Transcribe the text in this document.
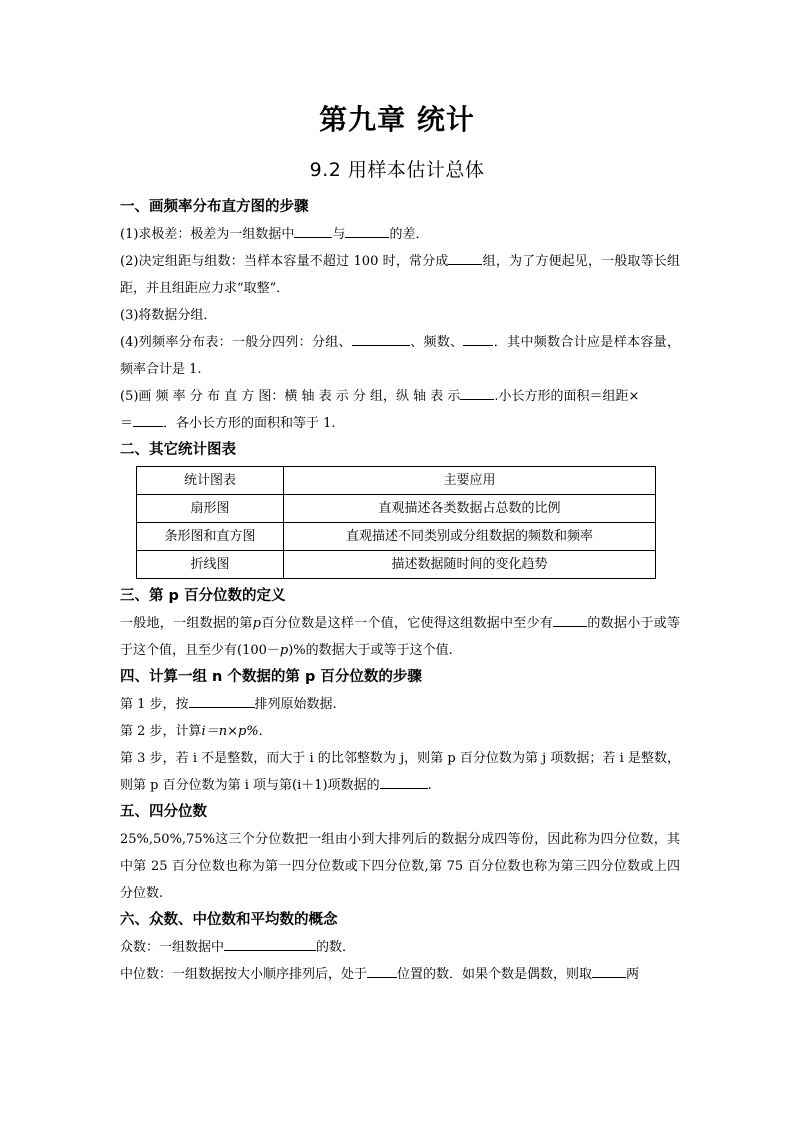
第九章 统计
9.2 用样本估计总体

一、画频率分布直方图的步骤

(1)求极差：极差为一组数据中	与	的差．

(2)决定组距与组数：当样本容量不超过 100 时，常分成	组，为了方便起见，一般取等长组距，并且组距应力求“取整”．

(3)将数据分组．

(4)列频率分布表：一般分四列：分组、	、频数、 ．其中频数合计应是样本容量，频率合计是 1.

(5)画 频 率 分 布 直 方 图：横 轴 表 示 分 组，纵 轴 表 示	.小长方形的面积＝组距×
＝ ．各小长方形的面积和等于 1.

二、其它统计图表

统计图表	主要应用
扇形图	直观描述各类数据占总数的比例
条形图和直方图	直观描述不同类别或分组数据的频数和频率
折线图	描述数据随时间的变化趋势

三、第 p 百分位数的定义

一般地，一组数据的第p百分位数是这样一个值，它使得这组数据中至少有	的数据小于或等于这个值，且至少有(100－p)%的数据大于或等于这个值.

四、计算一组 n 个数据的第 p 百分位数的步骤

第 1 步，按	排列原始数据.

第 2 步，计算i＝n×p%.

第 3 步，若 i 不是整数，而大于 i 的比邻整数为 j，则第 p 百分位数为第 j 项数据；若 i 是整数，则第 p 百分位数为第 i 项与第(i＋1)项数据的	.

五、四分位数

25%,50%,75%这三个分位数把一组由小到大排列后的数据分成四等份，因此称为四分位数，其中第 25 百分位数也称为第一四分位数或下四分位数,第 75 百分位数也称为第三四分位数或上四分位数.

六、众数、中位数和平均数的概念

众数：一组数据中	的数．

中位数：一组数据按大小顺序排列后，处于 位置的数．如果个数是偶数，则取	两
